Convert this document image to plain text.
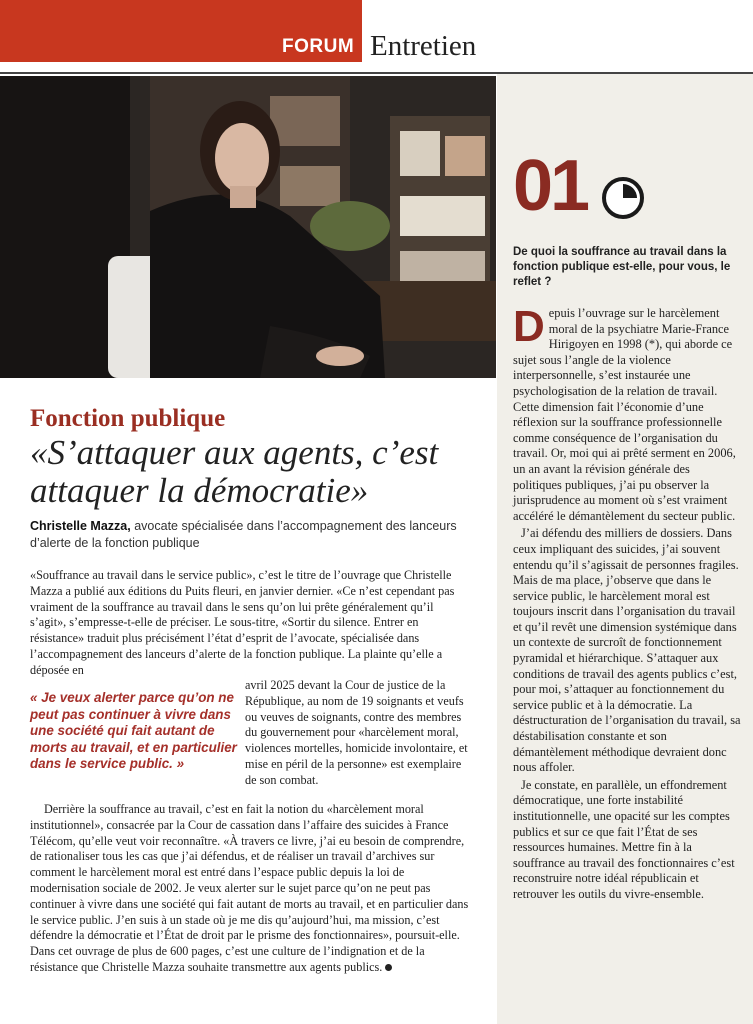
FORUM Entretien
01
De quoi la souffrance au travail dans la fonction publique est-elle, pour vous, le reflet ?

Depuis l’ouvrage sur le harcèlement moral de la psychiatre Marie-France Hirigoyen en 1998 (*), qui aborde ce sujet sous l’angle de la violence interpersonnelle, s’est instaurée une psychologisation de la relation de travail. Cette dimension fait l’économie d’une réflexion sur la souffrance professionnelle comme conséquence de l’organisation du travail. Or, moi qui ai prêté serment en 2006, un an avant la révision générale des politiques publiques, j’ai pu observer la jurisprudence au moment où s’est vraiment accéléré le démantèlement du secteur public.

J’ai défendu des milliers de dossiers. Dans ceux impliquant des suicides, j’ai souvent entendu qu’il s’agissait de personnes fragiles. Mais de ma place, j’observe que dans le service public, le harcèlement moral est toujours inscrit dans l’organisation du travail et qu’il revêt une dimension systémique dans un contexte de surcroît de fonctionnement pyramidal et hiérarchique. S’attaquer aux conditions de travail des agents publics c’est, pour moi, s’attaquer au fonctionnement du service public et à la démocratie. La déstructuration de l’organisation du travail, sa déstabilisation constante et son démantèlement méthodique devraient donc nous affoler.

Je constate, en parallèle, un effondrement démocratique, une forte instabilité institutionnelle, une opacité sur les comptes publics et sur ce que fait l’État de ses ressources humaines. Mettre fin à la souffrance au travail des fonctionnaires c’est reconstruire notre idéal républicain et retrouver les outils du vivre-ensemble.

Fonction publique
«S’attaquer aux agents, c’est attaquer la démocratie»
Christelle Mazza, avocate spécialisée dans l’accompagnement des lanceurs d’alerte de la fonction publique

«Souffrance au travail dans le service public», c’est le titre de l’ouvrage que Christelle Mazza a publié aux éditions du Puits fleuri, en janvier dernier. «Ce n’est cependant pas vraiment de la souffrance au travail dans le sens qu’on lui prête généralement qu’il s’agit», s’empresse-t-elle de préciser. Le sous-titre, «Sortir du silence. Entrer en résistance» traduit plus précisément l’état d’esprit de l’avocate, spécialisée dans l’accompagnement des lanceurs d’alerte de la fonction publique. La plainte qu’elle a déposée en

« Je veux alerter parce qu’on ne peut pas continuer à vivre dans une société qui fait autant de morts au travail, et en particulier dans le service public. »

avril 2025 devant la Cour de justice de la République, au nom de 19 soignants et veufs ou veuves de soignants, contre des membres du gouvernement pour «harcèlement moral, violences mortelles, homicide involontaire, et mise en péril de la personne» est exemplaire de son combat.

Derrière la souffrance au travail, c’est en fait la notion du «harcèlement moral institutionnel», consacrée par la Cour de cassation dans l’affaire des suicides à France Télécom, qu’elle veut voir reconnaître. «À travers ce livre, j’ai eu besoin de comprendre, de rationaliser tous les cas que j’ai défendus, et de réaliser un travail d’archives sur comment le harcèlement moral est entré dans l’espace public depuis la loi de modernisation sociale de 2002. Je veux alerter sur le sujet parce qu’on ne peut pas continuer à vivre dans une société qui fait autant de morts au travail, et en particulier dans le service public. J’en suis à un stade où je me dis qu’aujourd’hui, ma mission, c’est défendre la démocratie et l’État de droit par le prisme des fonctionnaires», poursuit-elle. Dans cet ouvrage de plus de 600 pages, c’est une culture de l’indignation et de la résistance que Christelle Mazza souhaite transmettre aux agents publics.
